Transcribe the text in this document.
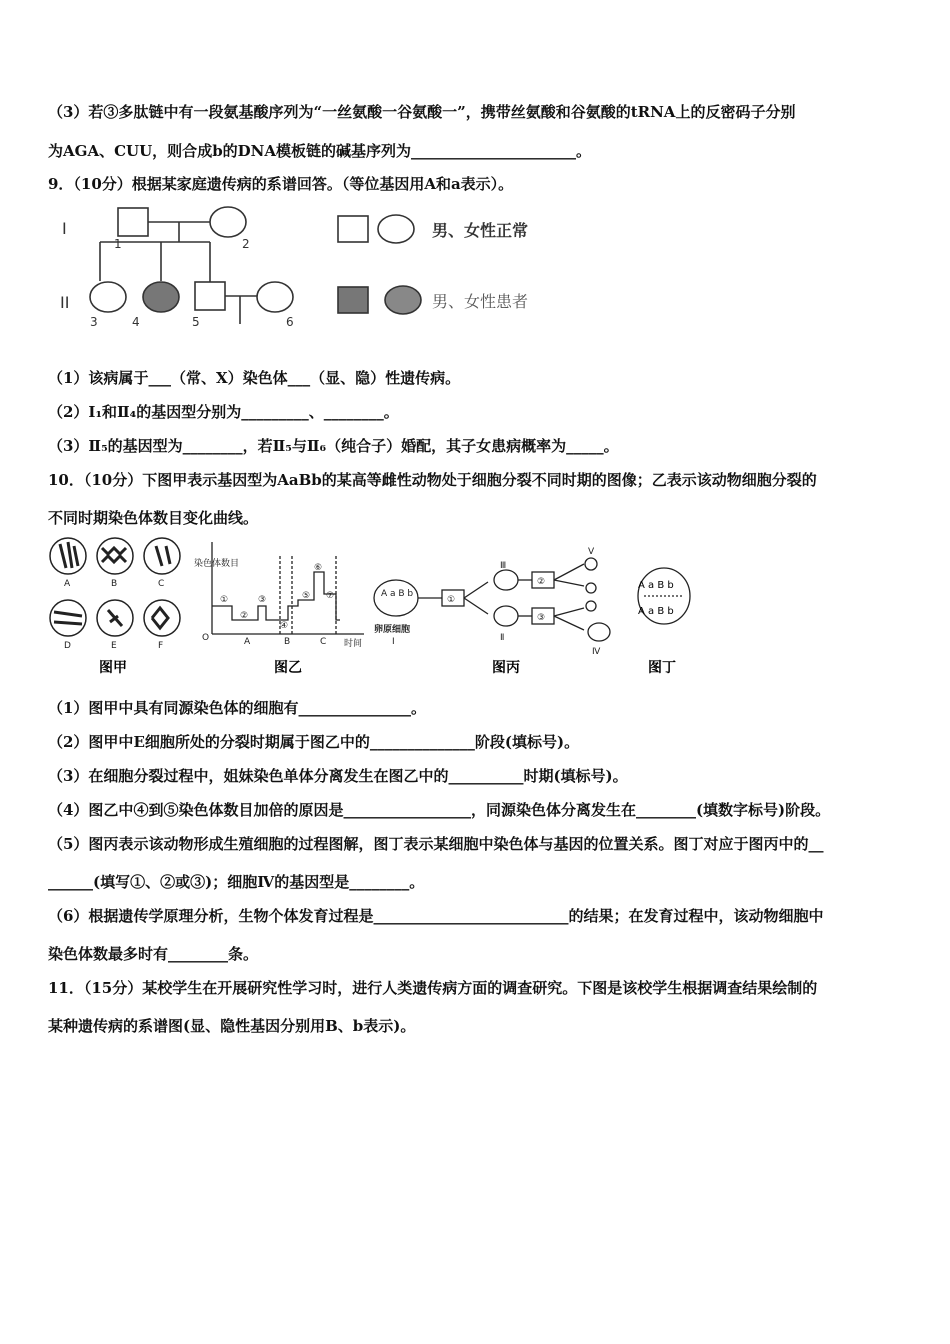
（3）若③多肽链中有一段氨基酸序列为“一丝氨酸一谷氨酸一”，携带丝氨酸和谷氨酸的tRNA上的反密码子分别
为AGA、CUU，则合成b的DNA模板链的碱基序列为______________________。
9．（10分）根据某家庭遗传病的系谱回答。（等位基因用A和a表示）。
I
II
1	2
3	4	5	6
男、女性正常
男、女性患者
（1）该病属于___（常、X）染色体___（显、隐）性遗传病。
（2）Ⅰ₁和Ⅱ₄的基因型分别为_________、________。
（3）Ⅱ₅的基因型为________，若Ⅱ₅与Ⅱ₆（纯合子）婚配，其子女患病概率为_____。
10．（10分）下图甲表示基因型为AaBb的某高等雌性动物处于细胞分裂不同时期的图像；乙表示该动物细胞分裂的
不同时期染色体数目变化曲线。
A	B	C
D	E	F
图甲
染色体数目
O
时间
A	B	C
①
②
③
④
⑤
⑥
⑦
图乙
A a B b
卵原细胞
I
Ⅲ
Ⅱ
V
Ⅳ
①
②
③
图丙
A a B b
A a B b
图丁
（1）图甲中具有同源染色体的细胞有_______________。
（2）图甲中E细胞所处的分裂时期属于图乙中的______________阶段(填标号)。
（3）在细胞分裂过程中，姐妹染色单体分离发生在图乙中的__________时期(填标号)。
（4）图乙中④到⑤染色体数目加倍的原因是_________________，同源染色体分离发生在________(填数字标号)阶段。
（5）图丙表示该动物形成生殖细胞的过程图解，图丁表示某细胞中染色体与基因的位置关系。图丁对应于图丙中的__
______(填写①、②或③)；细胞Ⅳ的基因型是________。
（6）根据遗传学原理分析，生物个体发育过程是__________________________的结果；在发育过程中，该动物细胞中
染色体数最多时有________条。
11．（15分）某校学生在开展研究性学习时，进行人类遗传病方面的调查研究。下图是该校学生根据调查结果绘制的
某种遗传病的系谱图(显、隐性基因分别用B、b表示)。
